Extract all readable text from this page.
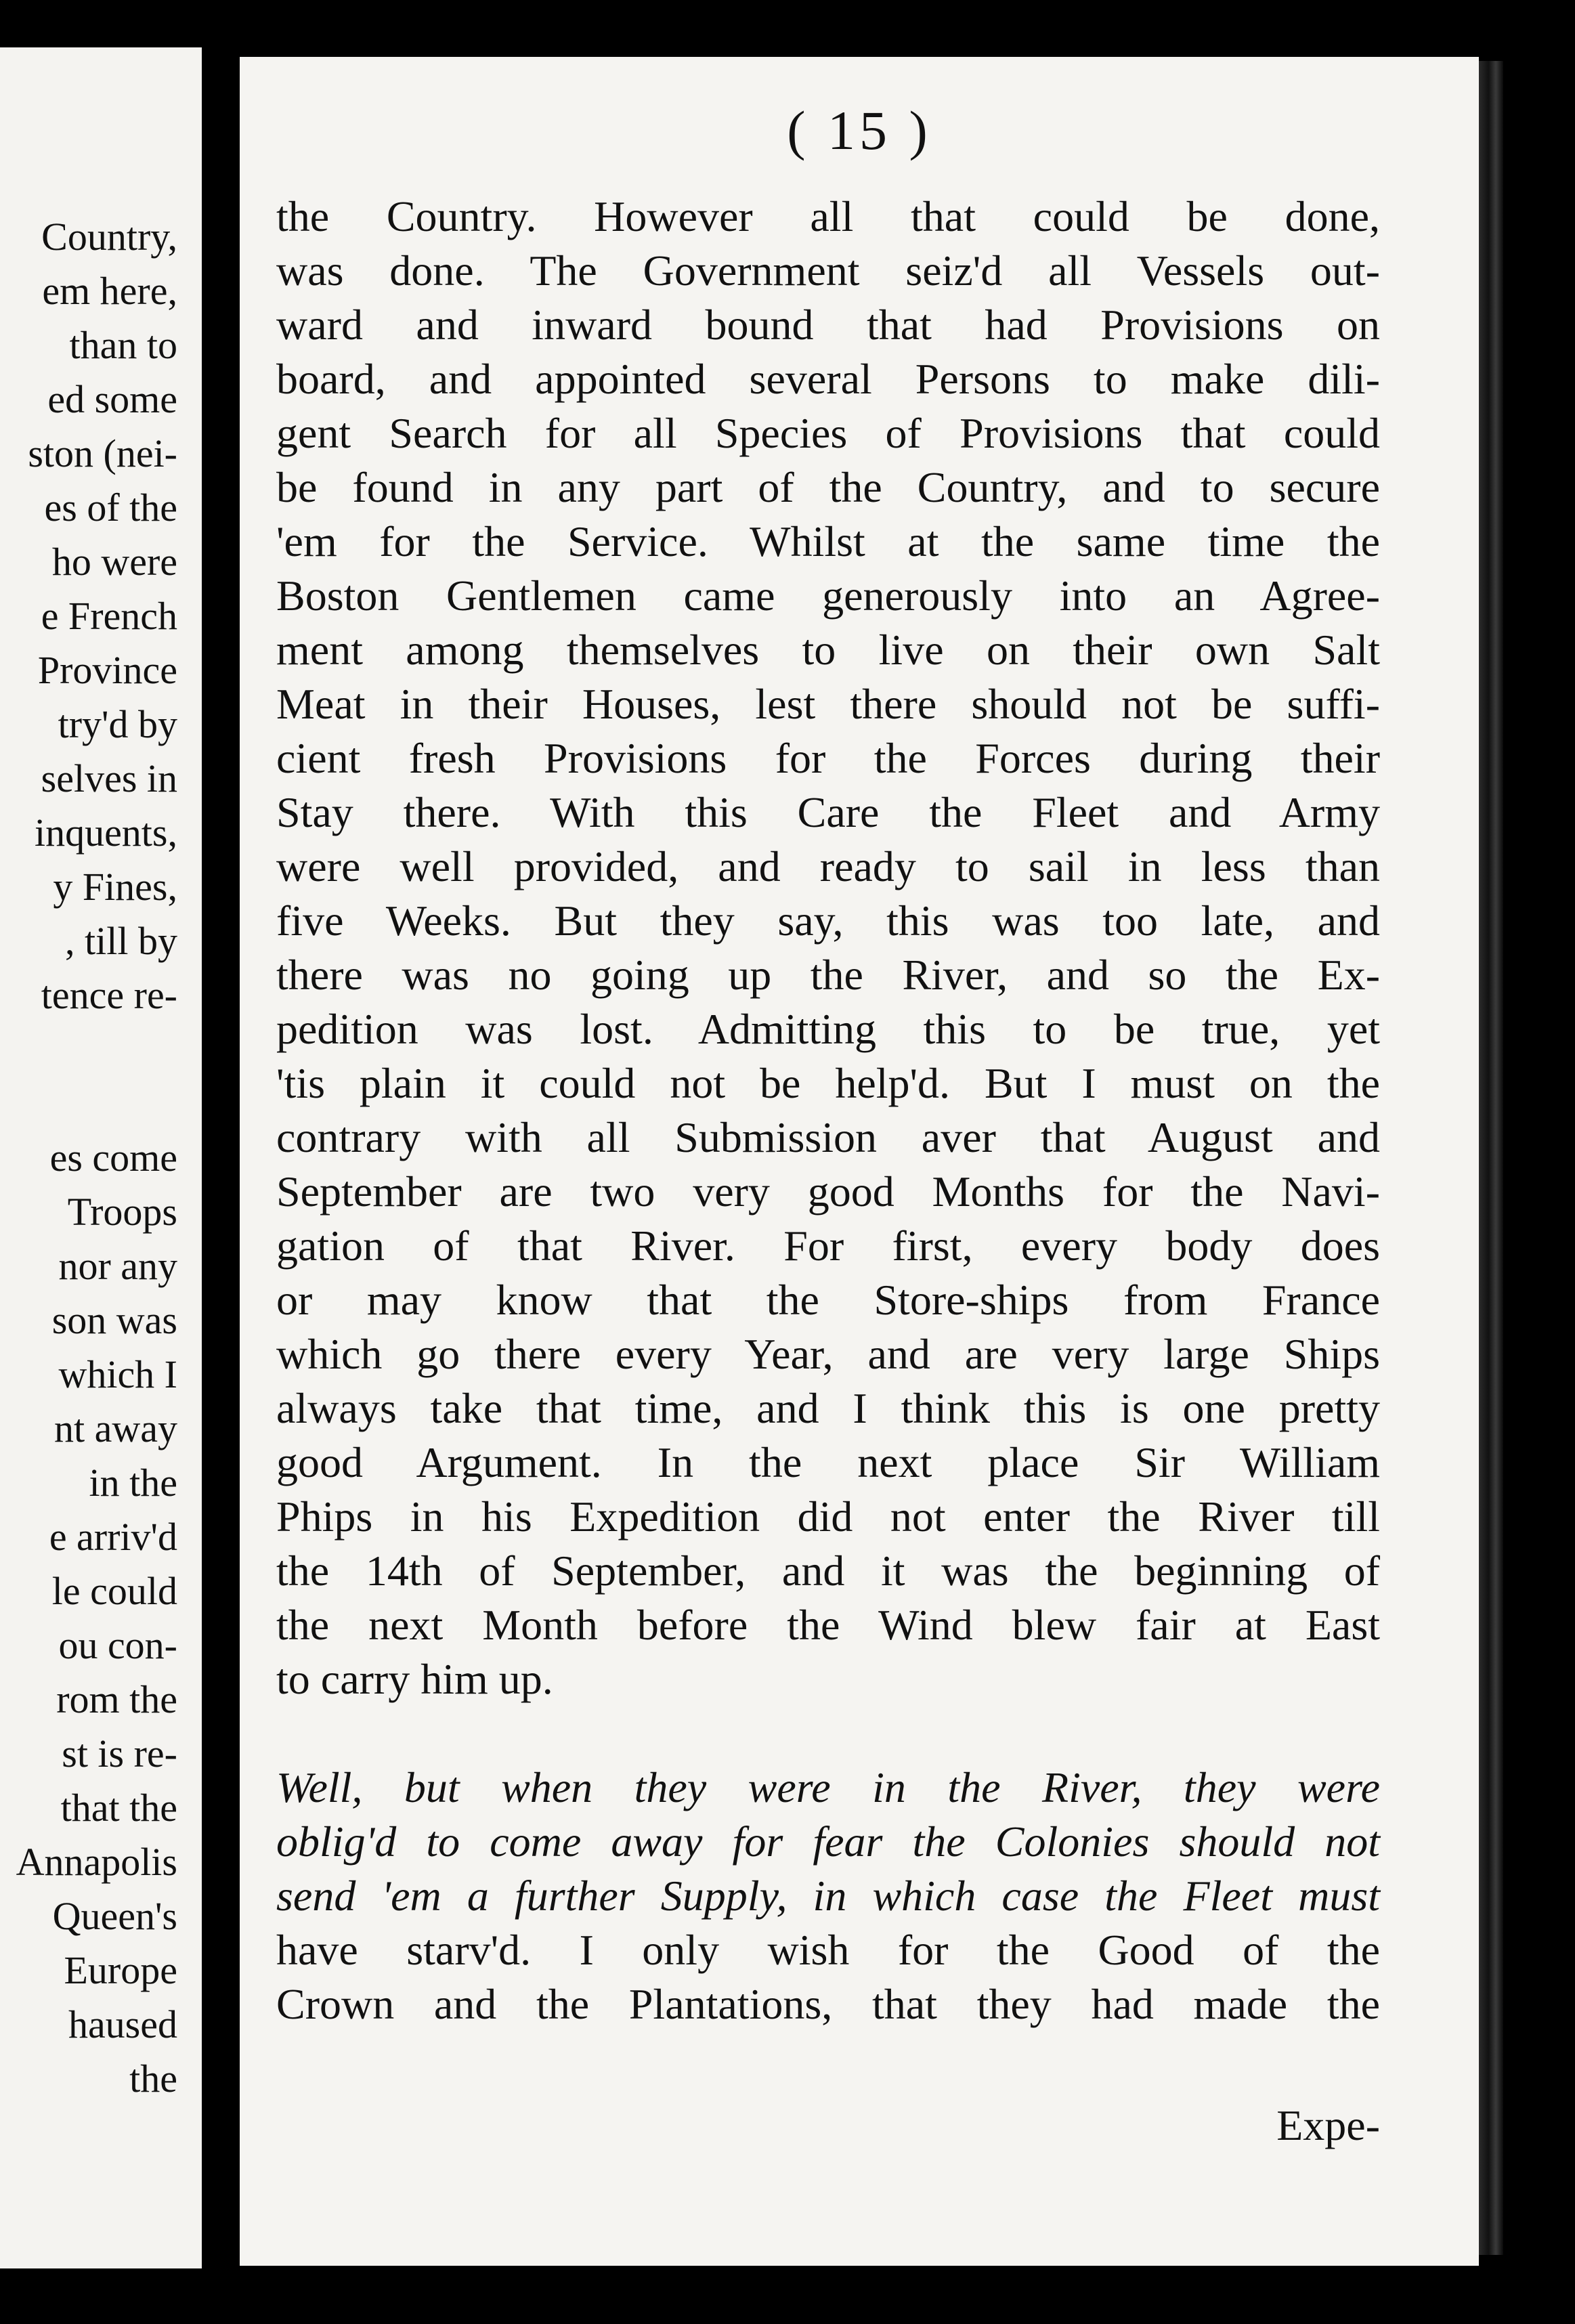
Country,
em here,
than to
ed some
ston (nei-
es of the
ho were
e French
Province
try'd by
selves in
inquents,
y Fines,
, till by
tence re-
es come
Troops
nor any
son was
which I
nt away
in the
e arriv'd
le could
ou con-
rom the
st is re-
that the
Annapolis
Queen's
Europe
haused
the
( 15 )
the Country. However all that could be done,
was done. The Government seiz'd all Vessels out-
ward and inward bound that had Provisions on
board, and appointed several Persons to make dili-
gent Search for all Species of Provisions that could
be found in any part of the Country, and to secure
'em for the Service. Whilst at the same time the
Boston Gentlemen came generously into an Agree-
ment among themselves to live on their own Salt
Meat in their Houses, lest there should not be suffi-
cient fresh Provisions for the Forces during their
Stay there. With this Care the Fleet and Army
were well provided, and ready to sail in less than
five Weeks. But they say, this was too late, and
there was no going up the River, and so the Ex-
pedition was lost. Admitting this to be true, yet
'tis plain it could not be help'd. But I must on the
contrary with all Submission aver that August and
September are two very good Months for the Navi-
gation of that River. For first, every body does
or may know that the Store-ships from France
which go there every Year, and are very large Ships
always take that time, and I think this is one pretty
good Argument. In the next place Sir William
Phips in his Expedition did not enter the River till
the 14th of September, and it was the beginning of
the next Month before the Wind blew fair at East
to carry him up.
Well, but when they were in the River, they were
oblig'd to come away for fear the Colonies should not
send 'em a further Supply, in which case the Fleet must
have starv'd. I only wish for the Good of the
Crown and the Plantations, that they had made the
Expe-
